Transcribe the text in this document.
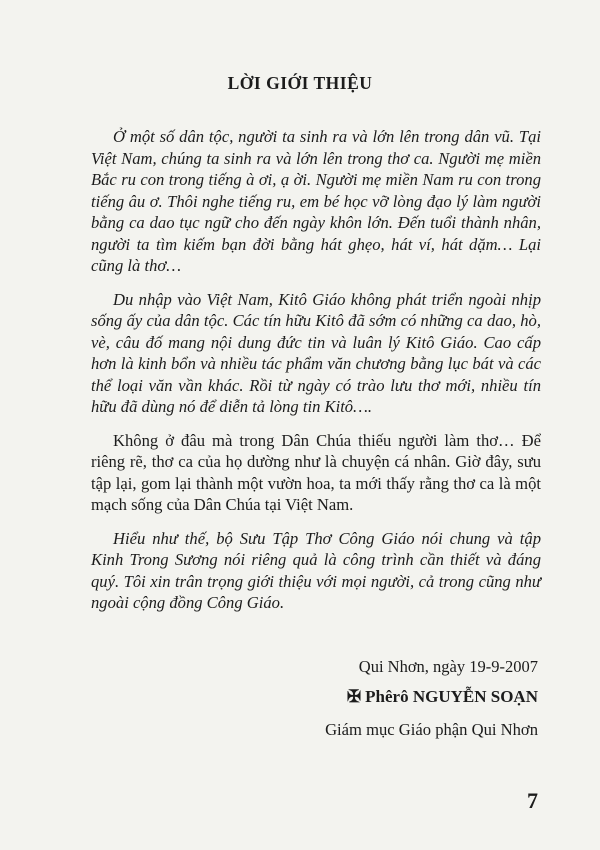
LỜI GIỚI THIỆU

Ở một số dân tộc, người ta sinh ra và lớn lên trong dân vũ. Tại Việt Nam, chúng ta sinh ra và lớn lên trong thơ ca. Người mẹ miền Bắc ru con trong tiếng à ơi, ạ ời. Người mẹ miền Nam ru con trong tiếng âu ơ. Thôi nghe tiếng ru, em bé học vỡ lòng đạo lý làm người bằng ca dao tục ngữ cho đến ngày khôn lớn. Đến tuổi thành nhân, người ta tìm kiếm bạn đời bằng hát ghẹo, hát ví, hát dặm… Lại cũng là thơ…

Du nhập vào Việt Nam, Kitô Giáo không phát triển ngoài nhịp sống ấy của dân tộc. Các tín hữu Kitô đã sớm có những ca dao, hò, vè, câu đố mang nội dung đức tin và luân lý Kitô Giáo. Cao cấp hơn là kinh bổn và nhiều tác phẩm văn chương bằng lục bát và các thể loại văn vần khác. Rồi từ ngày có trào lưu thơ mới, nhiều tín hữu đã dùng nó để diễn tả lòng tin Kitô….

Không ở đâu mà trong Dân Chúa thiếu người làm thơ… Để riêng rẽ, thơ ca của họ dường như là chuyện cá nhân. Giờ đây, sưu tập lại, gom lại thành một vườn hoa, ta mới thấy rằng thơ ca là một mạch sống của Dân Chúa tại Việt Nam.

Hiểu như thế, bộ Sưu Tập Thơ Công Giáo nói chung và tập Kinh Trong Sương nói riêng quả là công trình cần thiết và đáng quý. Tôi xin trân trọng giới thiệu với mọi người, cả trong cũng như ngoài cộng đồng Công Giáo.

Qui Nhơn, ngày 19-9-2007
✠ Phêrô NGUYỄN SOẠN
Giám mục Giáo phận Qui Nhơn
7
